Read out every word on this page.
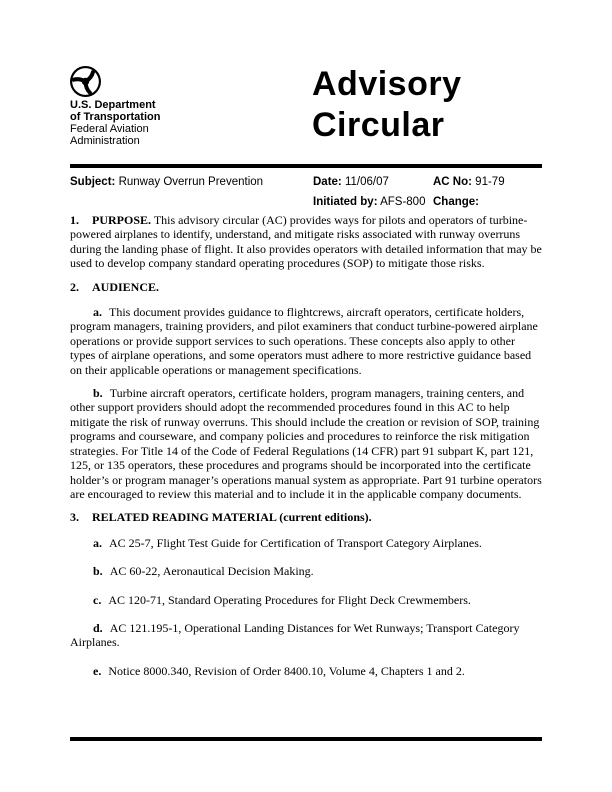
U.S. Department
of Transportation
Federal Aviation
Administration
Advisory
Circular
Subject: Runway Overrun Prevention	Date: 11/06/07	AC No: 91-79
Initiated by: AFS-800 Change:

1. PURPOSE. This advisory circular (AC) provides ways for pilots and operators of turbine-powered airplanes to identify, understand, and mitigate risks associated with runway overruns during the landing phase of flight. It also provides operators with detailed information that may be used to develop company standard operating procedures (SOP) to mitigate those risks.

2. AUDIENCE.

a. This document provides guidance to flightcrews, aircraft operators, certificate holders, program managers, training providers, and pilot examiners that conduct turbine-powered airplane operations or provide support services to such operations. These concepts also apply to other types of airplane operations, and some operators must adhere to more restrictive guidance based on their applicable operations or management specifications.

b. Turbine aircraft operators, certificate holders, program managers, training centers, and other support providers should adopt the recommended procedures found in this AC to help mitigate the risk of runway overruns. This should include the creation or revision of SOP, training programs and courseware, and company policies and procedures to reinforce the risk mitigation strategies. For Title 14 of the Code of Federal Regulations (14 CFR) part 91 subpart K, part 121, 125, or 135 operators, these procedures and programs should be incorporated into the certificate holder’s or program manager’s operations manual system as appropriate. Part 91 turbine operators are encouraged to review this material and to include it in the applicable company documents.

3. RELATED READING MATERIAL (current editions).

a. AC 25-7, Flight Test Guide for Certification of Transport Category Airplanes.

b. AC 60-22, Aeronautical Decision Making.

c. AC 120-71, Standard Operating Procedures for Flight Deck Crewmembers.

d. AC 121.195-1, Operational Landing Distances for Wet Runways; Transport Category Airplanes.

e. Notice 8000.340, Revision of Order 8400.10, Volume 4, Chapters 1 and 2.
